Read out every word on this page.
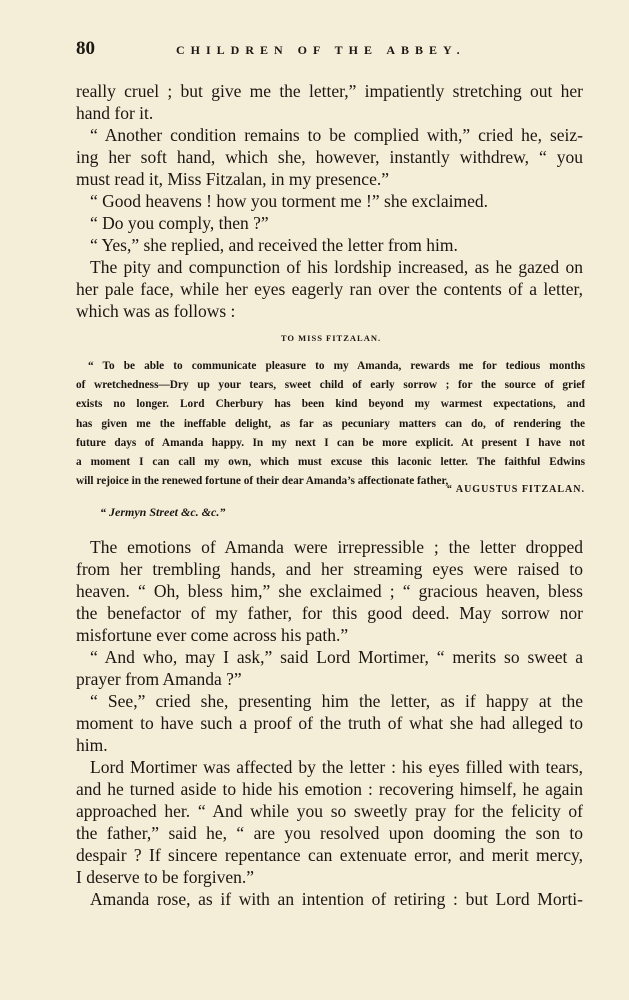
80	CHILDREN OF THE ABBEY.
really cruel ; but give me the letter,” impatiently stretching out her
hand for it.
“ Another condition remains to be complied with,” cried he, seiz-
ing her soft hand, which she, however, instantly withdrew, “ you
must read it, Miss Fitzalan, in my presence.”
“ Good heavens ! how you torment me !” she exclaimed.
“ Do you comply, then ?”
“ Yes,” she replied, and received the letter from him.
The pity and compunction of his lordship increased, as he gazed on
her pale face, while her eyes eagerly ran over the contents of a letter,
which was as follows :
TO MISS FITZALAN.
“ To be able to communicate pleasure to my Amanda, rewards me for tedious months
of wretchedness—Dry up your tears, sweet child of early sorrow ; for the source of grief
exists no longer. Lord Cherbury has been kind beyond my warmest expectations, and
has given me the ineffable delight, as far as pecuniary matters can do, of rendering the
future days of Amanda happy. In my next I can be more explicit. At present I have not
a moment I can call my own, which must excuse this laconic letter. The faithful Edwins
will rejoice in the renewed fortune of their dear Amanda’s affectionate father,
“ AUGUSTUS FITZALAN.
“ Jermyn Street &c. &c.”
The emotions of Amanda were irrepressible ; the letter dropped
from her trembling hands, and her streaming eyes were raised to
heaven. “ Oh, bless him,” she exclaimed ; “ gracious heaven, bless
the benefactor of my father, for this good deed. May sorrow nor
misfortune ever come across his path.”
“ And who, may I ask,” said Lord Mortimer, “ merits so sweet a
prayer from Amanda ?”
“ See,” cried she, presenting him the letter, as if happy at the
moment to have such a proof of the truth of what she had alleged to
him.
Lord Mortimer was affected by the letter : his eyes filled with tears,
and he turned aside to hide his emotion : recovering himself, he again
approached her. “ And while you so sweetly pray for the felicity of
the father,” said he, “ are you resolved upon dooming the son to
despair ? If sincere repentance can extenuate error, and merit mercy,
I deserve to be forgiven.”
Amanda rose, as if with an intention of retiring : but Lord Morti-
